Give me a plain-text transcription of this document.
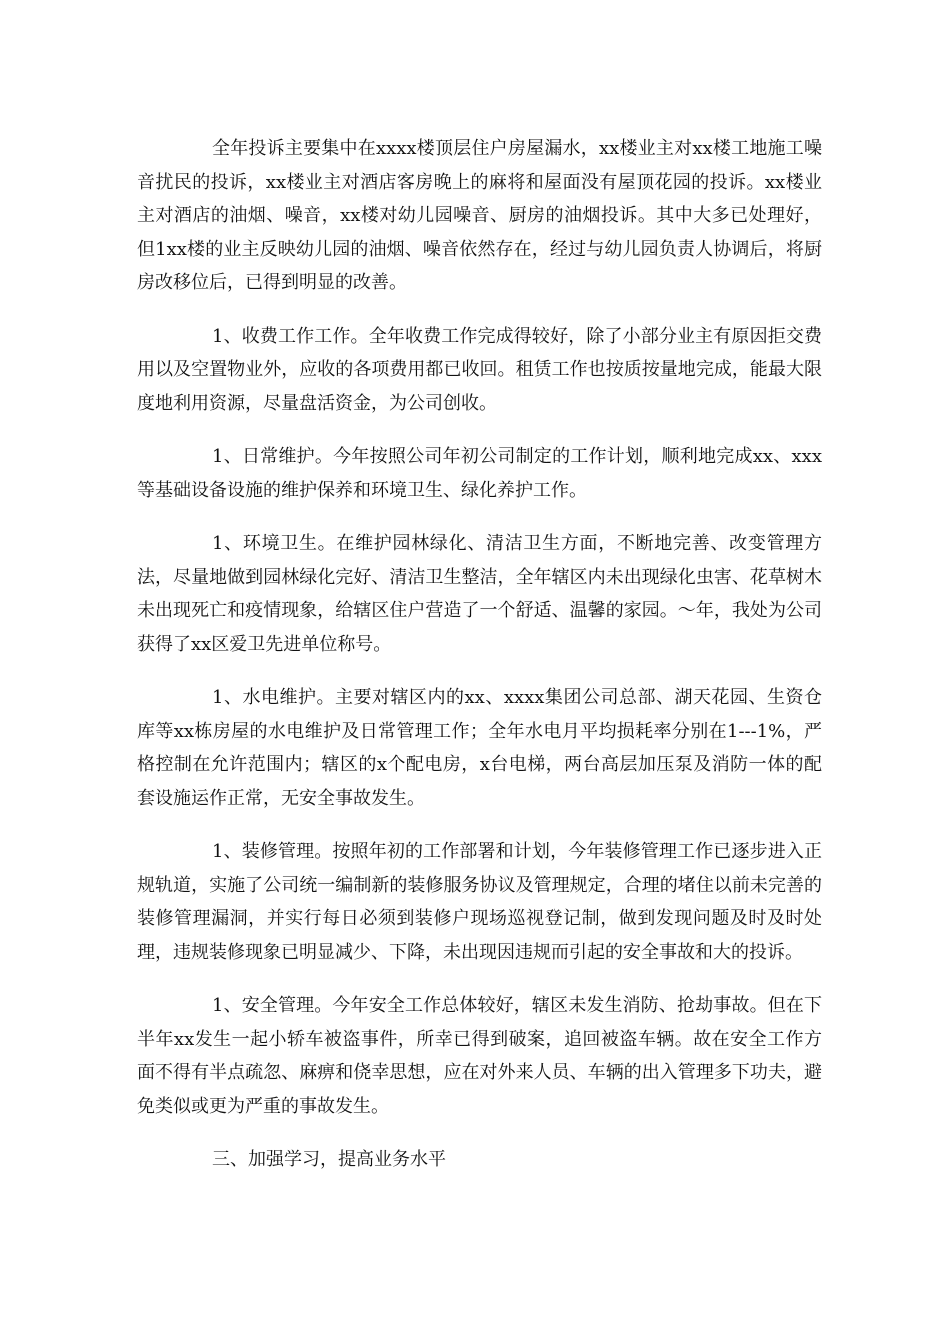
全年投诉主要集中在xxxx楼顶层住户房屋漏水，xx楼业主对xx楼工地施工噪音扰民的投诉，xx楼业主对酒店客房晚上的麻将和屋面没有屋顶花园的投诉。xx楼业主对酒店的油烟、噪音，xx楼对幼儿园噪音、厨房的油烟投诉。其中大多已处理好，但1xx楼的业主反映幼儿园的油烟、噪音依然存在，经过与幼儿园负责人协调后，将厨房改移位后，已得到明显的改善。

1、收费工作工作。全年收费工作完成得较好，除了小部分业主有原因拒交费用以及空置物业外，应收的各项费用都已收回。租赁工作也按质按量地完成，能最大限度地利用资源，尽量盘活资金，为公司创收。

1、日常维护。今年按照公司年初公司制定的工作计划，顺利地完成xx、xxx等基础设备设施的维护保养和环境卫生、绿化养护工作。

1、环境卫生。在维护园林绿化、清洁卫生方面，不断地完善、改变管理方法，尽量地做到园林绿化完好、清洁卫生整洁，全年辖区内未出现绿化虫害、花草树木未出现死亡和疫情现象，给辖区住户营造了一个舒适、温馨的家园。～年，我处为公司获得了xx区爱卫先进单位称号。

1、水电维护。主要对辖区内的xx、xxxx集团公司总部、湖天花园、生资仓库等xx栋房屋的水电维护及日常管理工作；全年水电月平均损耗率分别在1---1%，严格控制在允许范围内；辖区的x个配电房，x台电梯，两台高层加压泵及消防一体的配套设施运作正常，无安全事故发生。

1、装修管理。按照年初的工作部署和计划，今年装修管理工作已逐步进入正规轨道，实施了公司统一编制新的装修服务协议及管理规定，合理的堵住以前未完善的装修管理漏洞，并实行每日必须到装修户现场巡视登记制，做到发现问题及时及时处理，违规装修现象已明显减少、下降，未出现因违规而引起的安全事故和大的投诉。

1、安全管理。今年安全工作总体较好，辖区未发生消防、抢劫事故。但在下半年xx发生一起小轿车被盗事件，所幸已得到破案，追回被盗车辆。故在安全工作方面不得有半点疏忽、麻痹和侥幸思想，应在对外来人员、车辆的出入管理多下功夫，避免类似或更为严重的事故发生。

三、加强学习，提高业务水平
